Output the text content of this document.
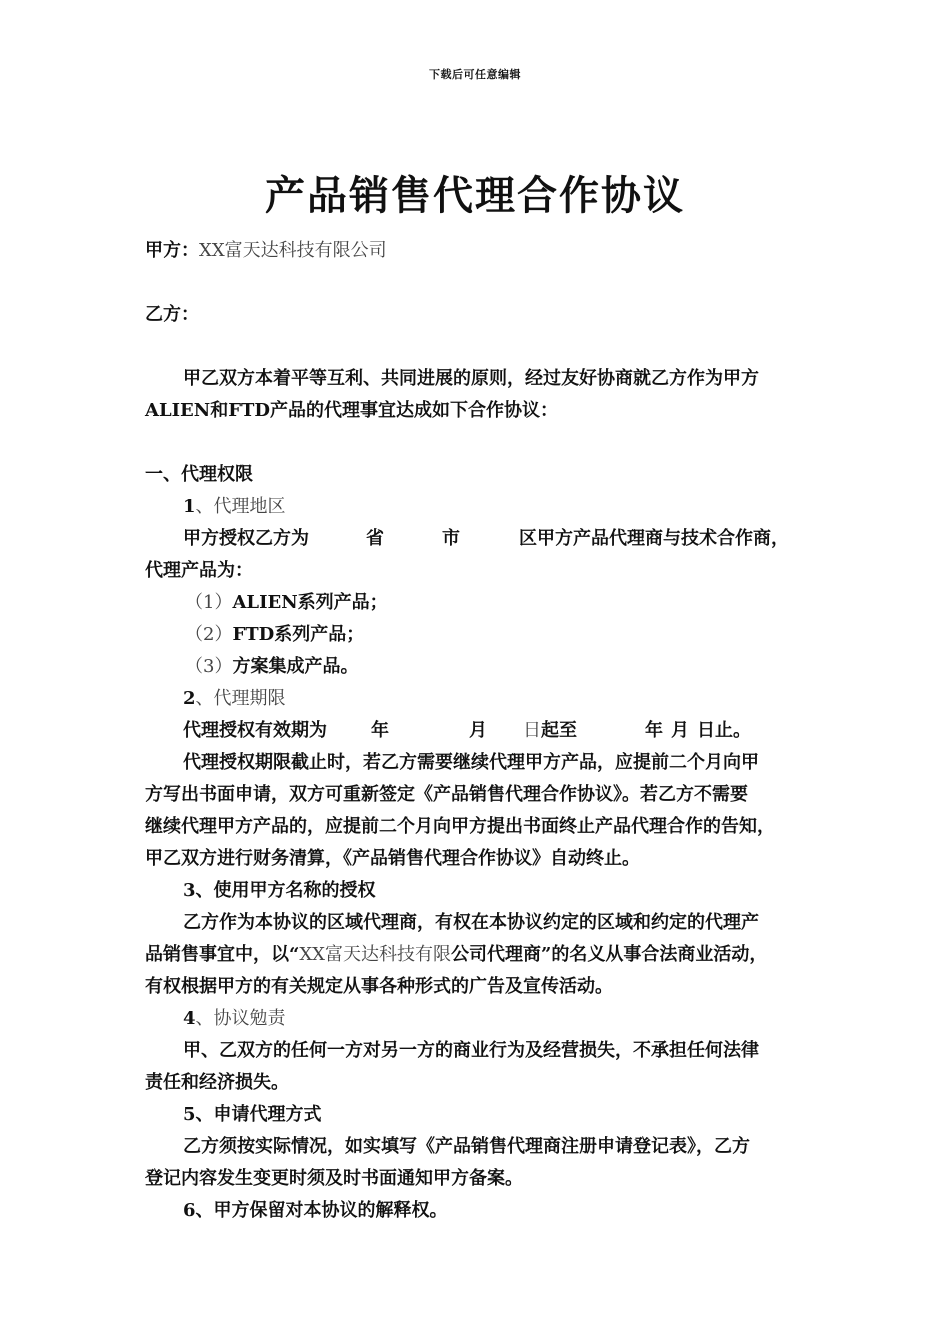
下载后可任意编辑
产品销售代理合作协议
甲方：XX富天达科技有限公司
乙方：
甲乙双方本着平等互利、共同进展的原则，经过友好协商就乙方作为甲方
ALIEN和FTD产品的代理事宜达成如下合作协议：
一、代理权限
1、代理地区
甲方授权乙方为	省	市	区甲方产品代理商与技术合作商，
代理产品为：
（1）ALIEN系列产品；
（2）FTD系列产品；
（3）方案集成产品。
2、代理期限
代理授权有效期为 年	月 日起至	年 月 日止。
代理授权期限截止时，若乙方需要继续代理甲方产品，应提前二个月向甲
方写出书面申请，双方可重新签定《产品销售代理合作协议》。若乙方不需要
继续代理甲方产品的，应提前二个月向甲方提出书面终止产品代理合作的告知，
甲乙双方进行财务清算，《产品销售代理合作协议》自动终止。
3、使用甲方名称的授权
乙方作为本协议的区域代理商，有权在本协议约定的区域和约定的代理产
品销售事宜中，以“XX富天达科技有限公司代理商”的名义从事合法商业活动，
有权根据甲方的有关规定从事各种形式的广告及宣传活动。
4、协议勉责
甲、乙双方的任何一方对另一方的商业行为及经营损失，不承担任何法律
责任和经济损失。
5、申请代理方式
乙方须按实际情况，如实填写《产品销售代理商注册申请登记表》，乙方
登记内容发生变更时须及时书面通知甲方备案。
6、甲方保留对本协议的解释权。
